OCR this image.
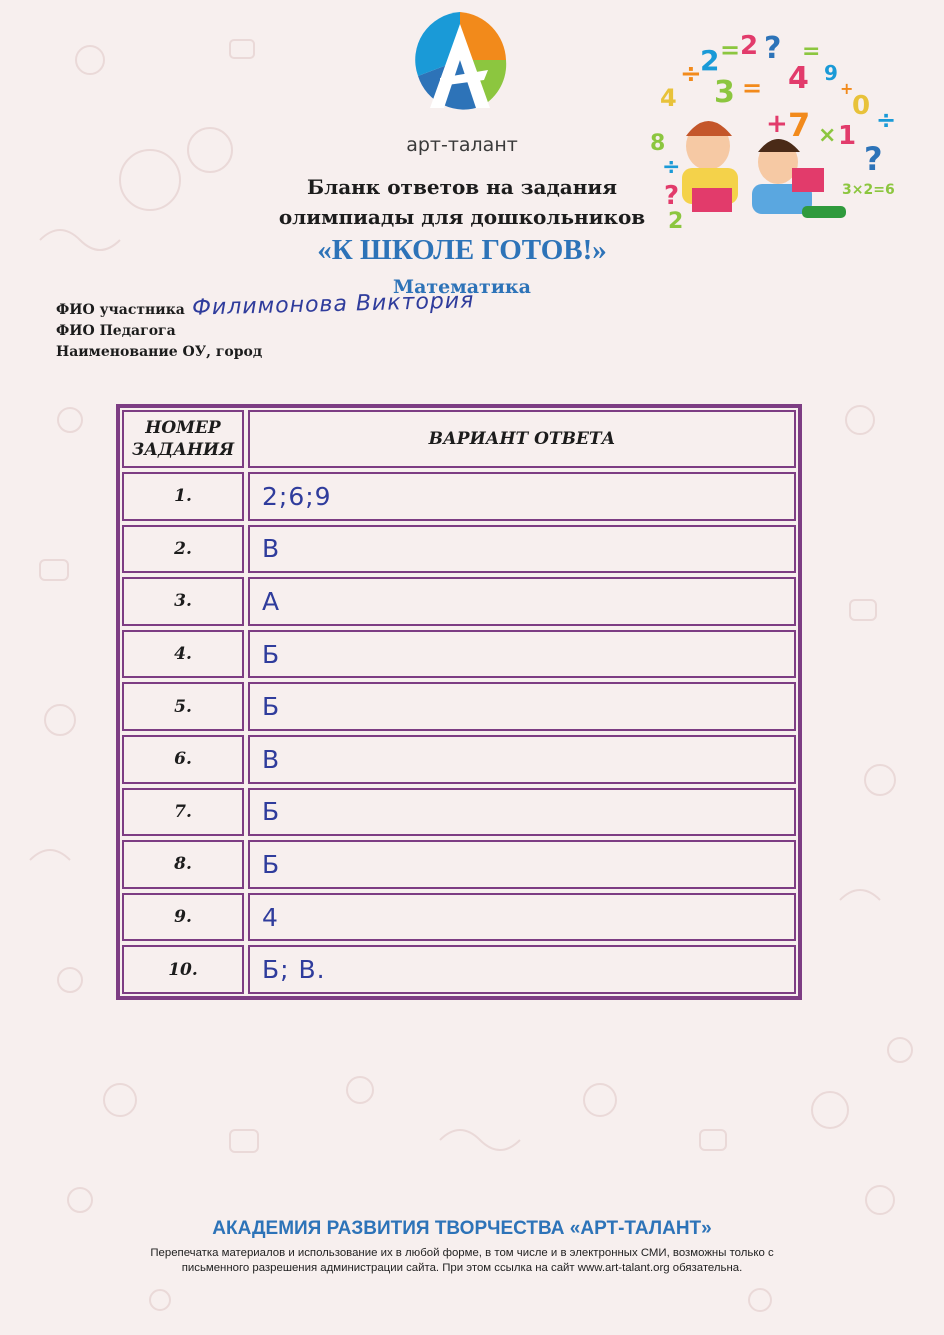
арт-талант
Бланк ответов на задания
олимпиады для дошкольников
«К ШКОЛЕ ГОТОВ!»
Математика
4
÷
2 = 2 ? =
3 = 4 9
+
0 ÷
+ 7 × 1
?
8
÷
?
2
3×2=6
ФИО участника Филимонова Виктория
ФИО Педагога
Наименование ОУ, город
НОМЕР ЗАДАНИЯ
ВАРИАНТ ОТВЕТА
1.	2;6;9
2.	В
3.	А
4.	Б
5.	Б
6.	В
7.	Б
8.	Б
9.	4
10.	Б; В.
АКАДЕМИЯ РАЗВИТИЯ ТВОРЧЕСТВА «АРТ-ТАЛАНТ»
Перепечатка материалов и использование их в любой форме, в том числе и в электронных СМИ, возможны только с
письменного разрешения администрации сайта. При этом ссылка на сайт www.art-talant.org обязательна.
